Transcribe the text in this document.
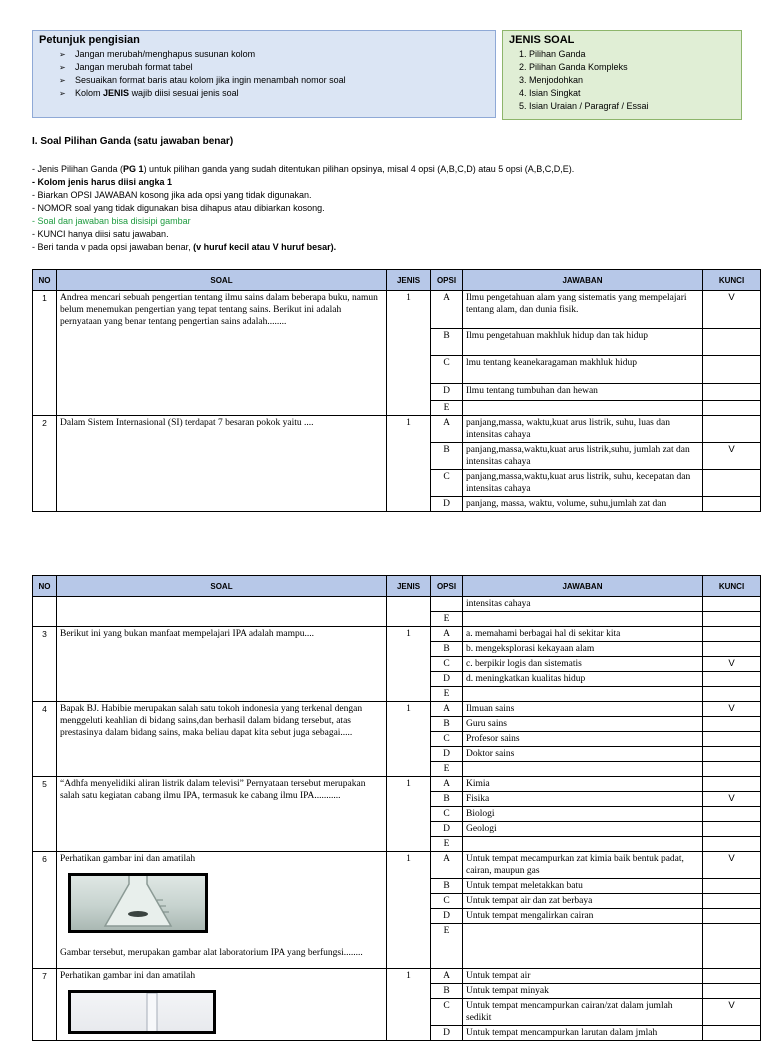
Petunjuk pengisian
➢ Jangan merubah/menghapus susunan kolom
➢ Jangan merubah format tabel
➢ Sesuaikan format baris atau kolom jika ingin menambah nomor soal
➢ Kolom JENIS wajib diisi sesuai jenis soal
JENIS SOAL
1. Pilihan Ganda
2. Pilihan Ganda Kompleks
3. Menjodohkan
4. Isian Singkat
5. Isian Uraian / Paragraf / Essai
I. Soal Pilihan Ganda (satu jawaban benar)
- Jenis Pilihan Ganda (PG 1) untuk pilihan ganda yang sudah ditentukan pilihan opsinya, misal 4 opsi (A,B,C,D) atau 5 opsi (A,B,C,D,E).
- Kolom jenis harus diisi angka 1
- Biarkan OPSI JAWABAN kosong jika ada opsi yang tidak digunakan.
- NOMOR soal yang tidak digunakan bisa dihapus atau dibiarkan kosong.
- Soal dan jawaban bisa disisipi gambar
- KUNCI hanya diisi satu jawaban.
- Beri tanda v pada opsi jawaban benar, (v huruf kecil atau V huruf besar).
NO	SOAL	JENIS	OPSI	JAWABAN	KUNCI
1	Andrea mencari sebuah pengertian tentang ilmu sains dalam beberapa buku, namun belum menemukan pengertian yang tepat tentang sains. Berikut ini adalah pernyataan yang benar tentang pengertian sains adalah........	1	A	Ilmu pengetahuan alam yang sistematis yang mempelajari tentang alam, dan dunia fisik.	V
			B	Ilmu pengetahuan makhluk hidup dan tak hidup	
			C	lmu tentang keanekaragaman makhluk hidup	
			D	Ilmu tentang tumbuhan dan hewan	
			E		
2	Dalam Sistem Internasional (SI) terdapat 7 besaran pokok yaitu ....	1	A	panjang,massa, waktu,kuat arus listrik, suhu, luas dan intensitas cahaya	
			B	panjang,massa,waktu,kuat arus listrik,suhu, jumlah zat dan intensitas cahaya	V
			C	panjang,massa,waktu,kuat arus listrik, suhu, kecepatan dan intensitas cahaya	
			D	panjang, massa, waktu, volume, suhu,jumlah zat dan	
NO	SOAL	JENIS	OPSI	JAWABAN	KUNCI
				intensitas cahaya	
			E		
3	Berikut ini yang bukan manfaat mempelajari IPA adalah mampu....	1	A	a. memahami berbagai hal di sekitar kita	
			B	b. mengeksplorasi kekayaan alam	
			C	c. berpikir logis dan sistematis	V
			D	d. meningkatkan kualitas hidup	
			E		
4	Bapak BJ. Habibie merupakan salah satu tokoh indonesia yang terkenal dengan menggeluti keahlian di bidang sains,dan berhasil dalam bidang tersebut, atas prestasinya dalam bidang sains, maka beliau dapat kita sebut juga sebagai.....	1	A	Ilmuan sains	V
			B	Guru sains	
			C	Profesor sains	
			D	Doktor sains	
			E		
5	“Adhfa menyelidiki aliran listrik dalam televisi” Pernyataan tersebut merupakan salah satu kegiatan cabang ilmu IPA, termasuk ke cabang ilmu IPA...........	1	A	Kimia	
			B	Fisika	V
			C	Biologi	
			D	Geologi	
			E		
6	Perhatikan gambar ini dan amatilah
Gambar tersebut, merupakan gambar alat laboratorium IPA yang berfungsi........	1	A	Untuk tempat mecampurkan zat kimia baik bentuk padat, cairan, maupun gas	V
			B	Untuk tempat meletakkan batu	
			C	Untuk tempat air dan zat berbaya	
			D	Untuk tempat mengalirkan cairan	
			E		
7	Perhatikan gambar ini dan amatilah	1	A	Untuk tempat air	
			B	Untuk tempat minyak	
			C	Untuk tempat mencampurkan cairan/zat dalam jumlah sedikit	V
			D	Untuk tempat mencampurkan larutan dalam jmlah	
